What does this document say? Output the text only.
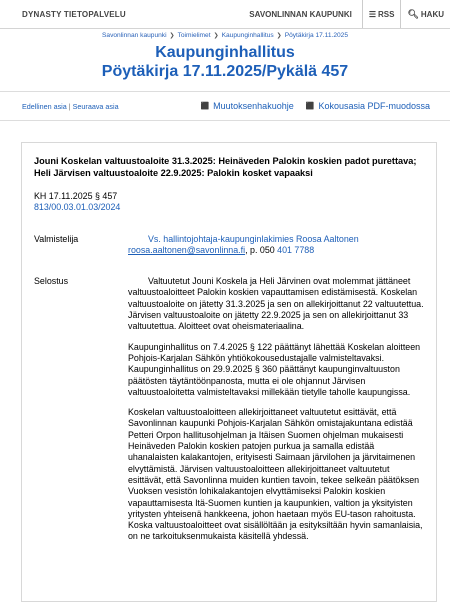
DYNASTY TIETOPALVELU	SAVONLINNAN KAUPUNKI	☰ RSS 🔍︎ HAKU
Savonlinnan kaupunki ❯ Toimielimet ❯ Kaupunginhallitus ❯ Pöytäkirja 17.11.2025
Kaupunginhallitus
Pöytäkirja 17.11.2025/Pykälä 457
Edellinen asia | Seuraava asia	⬛ Muutoksenhakuohje ⬛ Kokousasia PDF-muodossa
Jouni Koskelan valtuustoaloite 31.3.2025: Heinäveden Palokin koskien padot purettava; Heli Järvisen valtuustoaloite 22.9.2025: Palokin kosket vapaaksi
KH 17.11.2025 § 457
813/00.03.01.03/2024
Valmistelija	Vs. hallintojohtaja-kaupunginlakimies Roosa Aaltonen
roosa.aaltonen@savonlinna.fi, p. 050 401 7788
Selostus	Valtuutetut Jouni Koskela ja Heli Järvinen ovat molemmat jättäneet valtuustoaloitteet Palokin koskien vapauttamisen edistämisestä. Koskelan valtuustoaloite on jätetty 31.3.2025 ja sen on allekirjoittanut 22 valtuutettua. Järvisen valtuustoaloite on jätetty 22.9.2025 ja sen on allekirjoittanut 33 valtuutettua. Aloitteet ovat oheismateriaalina.

Kaupunginhallitus on 7.4.2025 § 122 päättänyt lähettää Koskelan aloitteen Pohjois-Karjalan Sähkön yhtiökokousedustajalle valmisteltavaksi. Kaupunginhallitus on 29.9.2025 § 360 päättänyt kaupunginvaltuuston päätösten täytäntöönpanosta, mutta ei ole ohjannut Järvisen valtuustoaloitetta valmisteltavaksi millekään tietylle taholle kaupungissa.

Koskelan valtuustoaloitteen allekirjoittaneet valtuutetut esittävät, että Savonlinnan kaupunki Pohjois-Karjalan Sähkön omistajakuntana edistää Petteri Orpon hallitusohjelman ja Itäisen Suomen ohjelman mukaisesti Heinäveden Palokin koskien patojen purkua ja samalla edistää uhanalaisten kalakantojen, erityisesti Saimaan järvilohen ja järvitaimenen elvyttämistä. Järvisen valtuustoaloitteen allekirjoittaneet valtuutetut esittävät, että Savonlinna muiden kuntien tavoin, tekee selkeän päätöksen Vuoksen vesistön lohikalakantojen elvyttämiseksi Palokin koskien vapauttamisesta Itä-Suomen kuntien ja kaupunkien, valtion ja yksityisten yritysten yhteisenä hankkeena, johon haetaan myös EU-tason rahoitusta. Koska valtuustoaloitteet ovat sisällöltään ja esityksiltään hyvin samanlaisia, on ne tarkoituksenmukaista käsitellä yhdessä.
